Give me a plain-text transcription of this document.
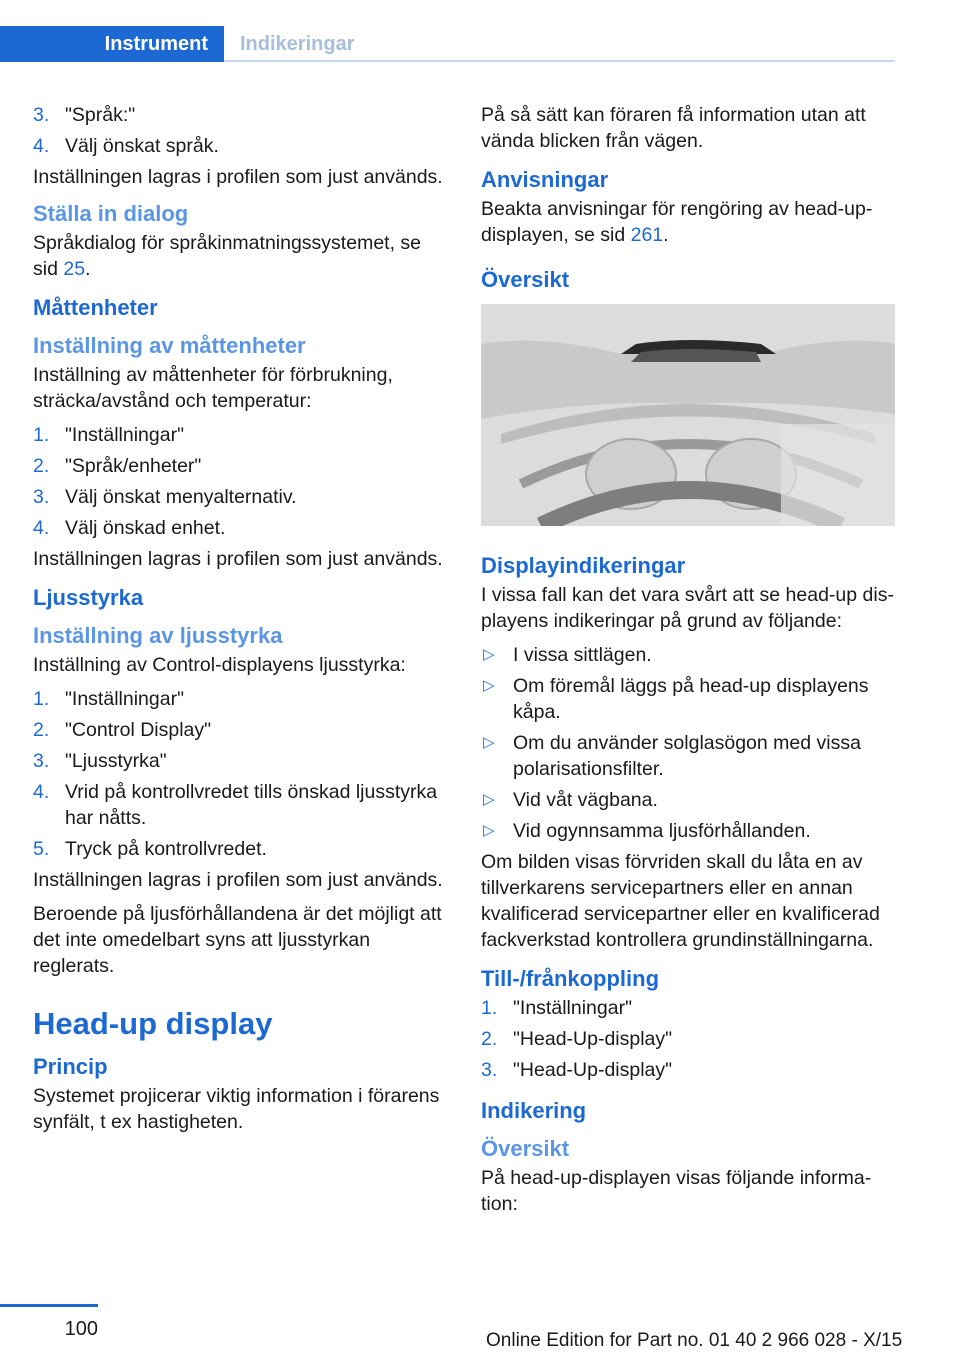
Instrument	Indikeringar
3. "Språk:"
4. Välj önskat språk.

Inställningen lagras i profilen som just används.

Ställa in dialog

Språkdialog för språkinmatningssystemet, se sid 25.

Måttenheter
Inställning av måttenheter

Inställning av måttenheter för förbrukning, sträcka/avstånd och temperatur:

1. "Inställningar"
2. "Språk/enheter"
3. Välj önskat menyalternativ.
4. Välj önskad enhet.

Inställningen lagras i profilen som just används.

Ljusstyrka
Inställning av ljusstyrka

Inställning av Control-displayens ljusstyrka:

1. "Inställningar"
2. "Control Display"
3. "Ljusstyrka"
4. Vrid på kontrollvredet tills önskad ljusstyrka har nåtts.
5. Tryck på kontrollvredet.

Inställningen lagras i profilen som just används.

Beroende på ljusförhållandena är det möjligt att det inte omedelbart syns att ljusstyrkan reglerats.

Head-up display
Princip

Systemet projicerar viktig information i förarens synfält, t ex hastigheten.

På så sätt kan föraren få information utan att vända blicken från vägen.

Anvisningar

Beakta anvisningar för rengöring av head-up-displayen, se sid 261.

Översikt
Displayindikeringar

I vissa fall kan det vara svårt att se head-up displayens indikeringar på grund av följande:

▷ I vissa sittlägen.
▷ Om föremål läggs på head-up displayens kåpa.
▷ Om du använder solglasögon med vissa polarisationsfilter.
▷ Vid våt vägbana.
▷ Vid ogynnsamma ljusförhållanden.

Om bilden visas förvriden skall du låta en av tillverkarens servicepartners eller en annan kvalificerad servicepartner eller en kvalificerad fackverkstad kontrollera grundinställningarna.

Till-/frånkoppling
1. "Inställningar"
2. "Head-Up-display"
3. "Head-Up-display"
Indikering
Översikt

På head-up-displayen visas följande information:

100
Online Edition for Part no. 01 40 2 966 028 - X/15
